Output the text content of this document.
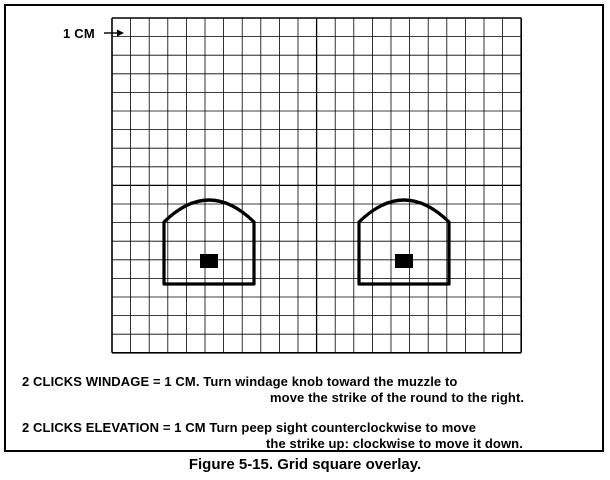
1 CM
2 CLICKS WINDAGE = 1 CM. Turn windage knob toward the muzzle to
move the strike of the round to the right.
2 CLICKS ELEVATION = 1 CM Turn peep sight counterclockwise to move
the strike up: clockwise to move it down.
Figure 5-15. Grid square overlay.
